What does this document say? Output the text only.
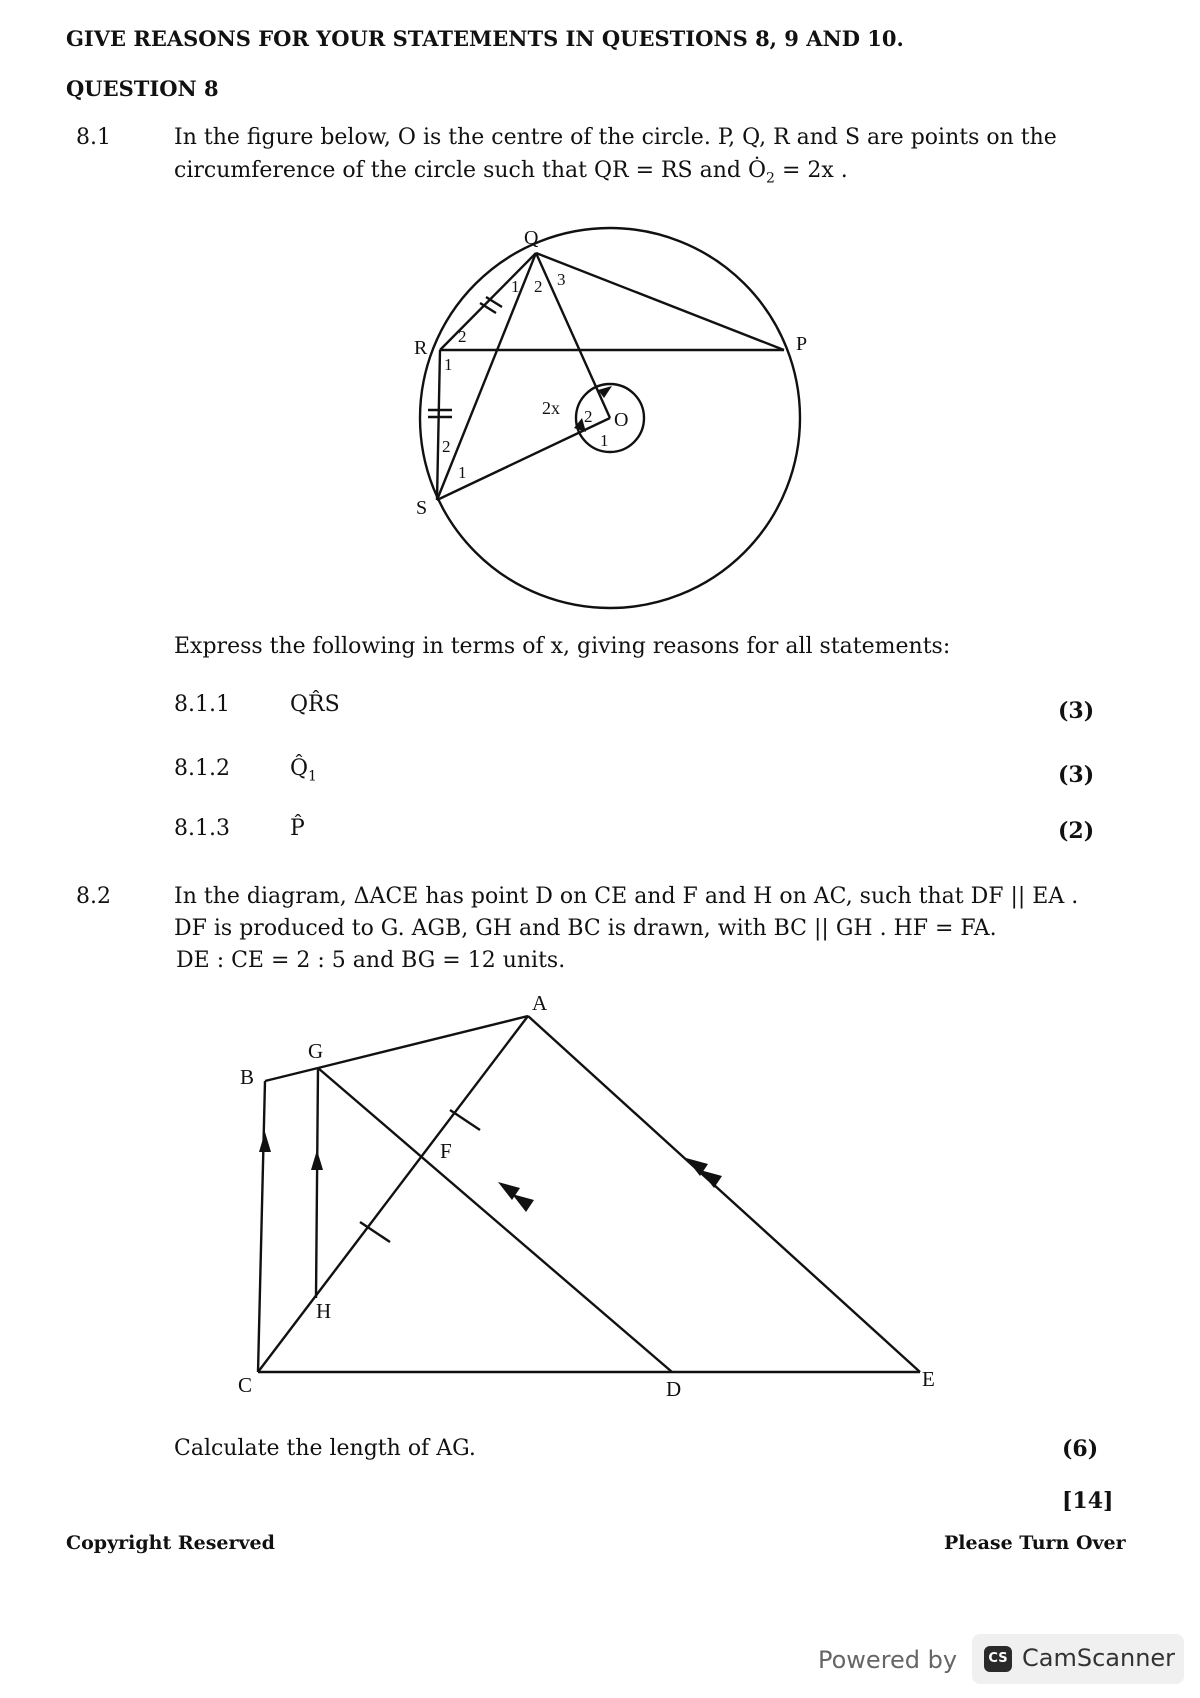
GIVE REASONS FOR YOUR STATEMENTS IN QUESTIONS 8, 9 AND 10.
QUESTION 8
8.1	In the figure below, O is the centre of the circle. P, Q, R and S are points on the
circumference of the circle such that QR = RS and $Ȯ_2 = 2x$ .
Q
R	P
S
O
1 2 3
2
1
2
1
2
1
2x
Express the following in terms of x, giving reasons for all statements:
8.1.1	QR̂S	(3)
8.1.2	$Q̂_1$	(3)
8.1.3	P̂	(2)
8.2	In the diagram, ΔACE has point D on CE and F and H on AC, such that DF || EA .
DF is produced to G. AGB, GH and BC is drawn, with BC || GH . HF = FA.
DE : CE = 2 : 5 and BG = 12 units.
A
G
B
F
H
C	D	E
Calculate the length of AG.	(6)
[14]
Copyright Reserved	Please Turn Over
Powered by	CS CamScanner
